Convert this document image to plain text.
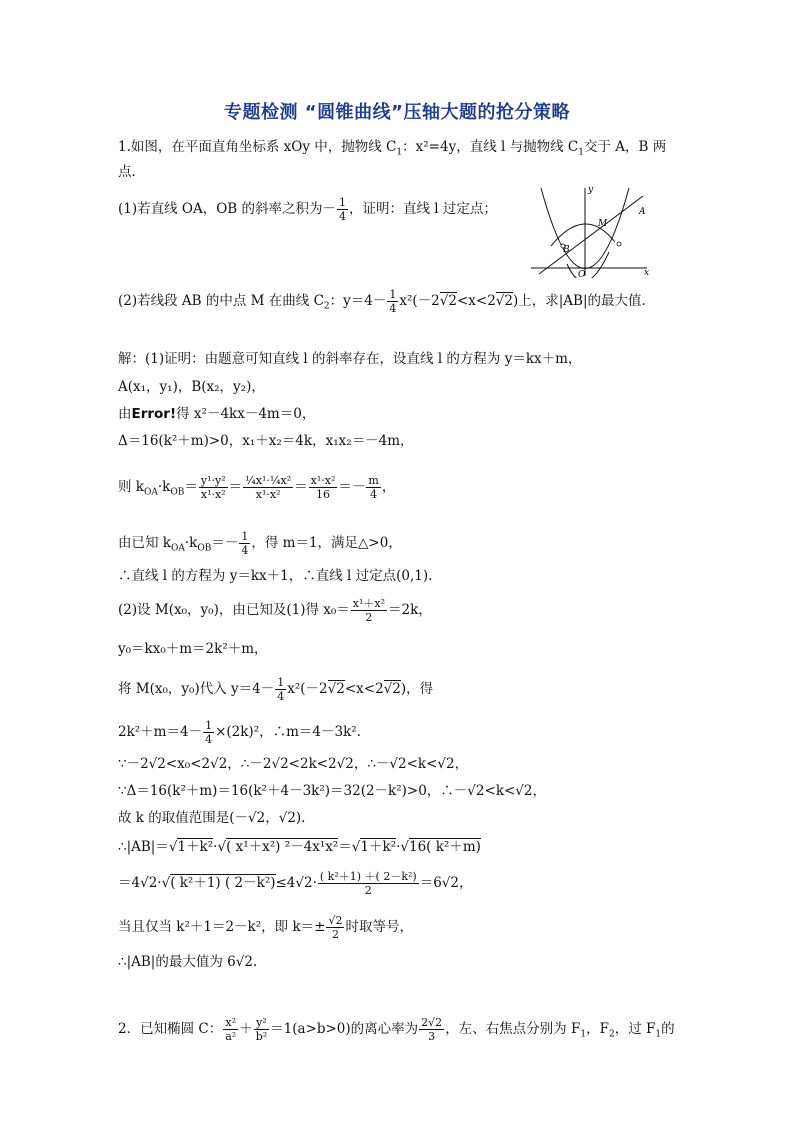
专题检测 “圆锥曲线”压轴大题的抢分策略
1.如图，在平面直角坐标系 xOy 中，抛物线 $C_1$：x²=4y，直线 l 与抛物线 $C_1$交于 A，B 两
点.
(1)若直线 OA，OB 的斜率之积为－ $\frac{1}{4}$ ，证明：直线 l 过定点；
y
x
O
A
B
M
(2)若线段 AB 的中点 M 在曲线 $C_2$：$y=4- \frac{1}{4} x^2(-2√2<x<2√2)$上，求|AB|的最大值.
解：(1)证明：由题意可知直线 l 的斜率存在，设直线 l 的方程为 y＝kx＋m，
A(x₁，y₁)，B(x₂，y₂)，
由Error!得 x²－4kx－4m＝0，
Δ＝16(k²＋m)>0，x₁＋x₂＝4k，x₁x₂＝－4m，
则 $k_{OA}\cdot k_{OB}= \frac{\text{y¹·y²}}{\text{x¹·x²}} = \frac{\text{¼x¹·¼x²}}{\text{x¹·x²}} = \frac{\text{x¹·x²}}{16} =- \frac{m}{4}$ ，
由已知 $k_{OA}\cdot k_{OB}=- \frac{1}{4}$ ，得 m＝1，满足△>0，
∴直线 l 的方程为 y＝kx＋1，∴直线 l 过定点(0,1).
(2)设 M(x₀，y₀)，由已知及(1)得 $x_0= \frac{\text{x¹＋x²}}{2} =2k$，
y₀＝kx₀＋m＝2k²＋m，
将 M(x₀，y₀)代入 $y=4- \frac{1}{4} x^2(-2√2<x<2√2)$，得
$2k^2+m=4- \frac{1}{4} \times(2k)^2$，∴m＝4－3k².
∵－2√2<x₀<2√2，∴－2√2<2k<2√2，∴－√2<k<√2，
∵Δ＝16(k²＋m)＝16(k²＋4－3k²)＝32(2－k²)>0，∴－√2<k<√2，
故 k 的取值范围是(－√2，√2).
∴|AB|＝√1＋k²·√( x¹＋x²) ²－4x¹x²＝√1＋k²·√16( k²＋m)
＝4√2·√( k²＋1) ( $2-k^2)\le 4√2\cdot \frac{\text{( k²＋1) ＋( 2－k²)}}{2} =6√2$，
当且仅当 k²＋1＝2－k²，即 $k=\pm \frac{√2}{2}$ 时取等号，
∴|AB|的最大值为 6√2.
2．已知椭圆 C： $\frac{\text{x²}}{\text{a²}} + \frac{\text{y²}}{\text{b²}} =1(a>b>0)$的离心率为 $\frac{2√2}{3}$ ，左、右焦点分别为 $F_1$，$F_2$，过 $F_1$的
